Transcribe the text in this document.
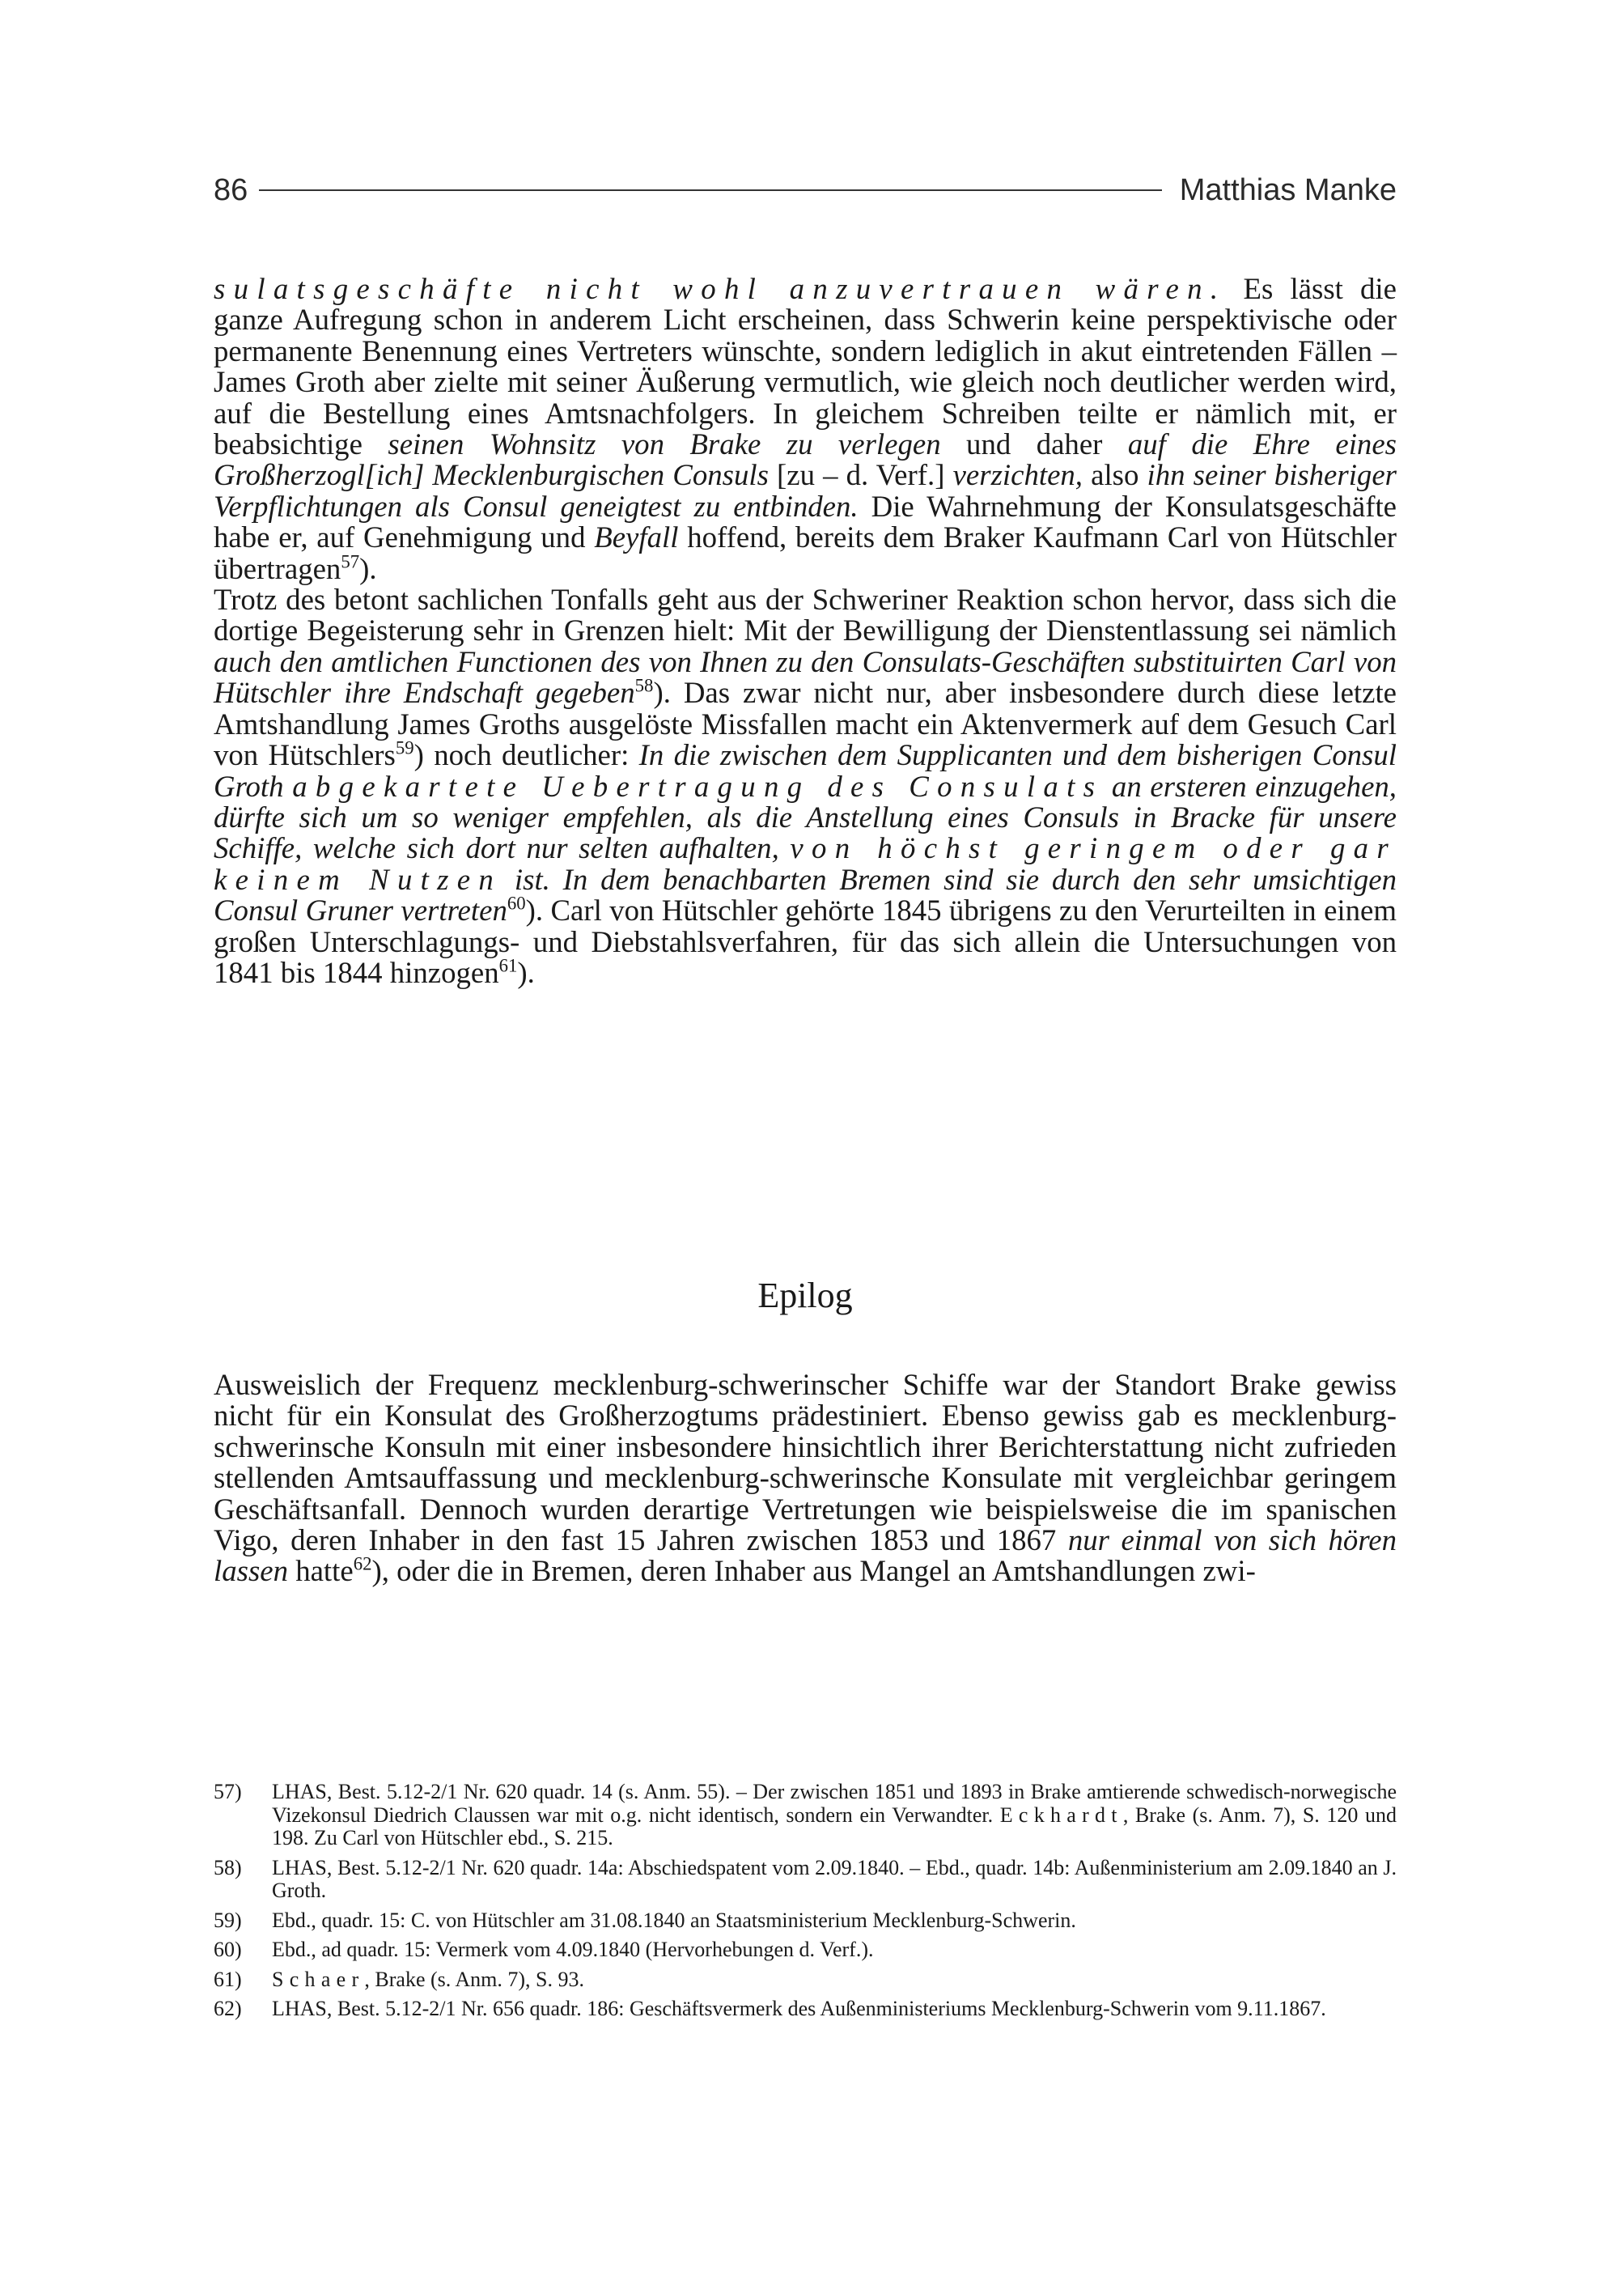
86	Matthias Manke

sulatsgeschäfte nicht wohl anzuvertrauen wären. Es lässt die ganze Aufregung schon in anderem Licht erscheinen, dass Schwerin keine perspektivische oder permanente Benennung eines Vertreters wünschte, sondern lediglich in akut eintretenden Fällen – James Groth aber zielte mit seiner Äußerung vermutlich, wie gleich noch deutlicher werden wird, auf die Bestellung eines Amtsnachfolgers. In gleichem Schreiben teilte er nämlich mit, er beabsichtige seinen Wohnsitz von Brake zu verlegen und daher auf die Ehre eines Großherzogl[ich] Mecklenburgischen Consuls [zu – d. Verf.] verzichten, also ihn seiner bisheriger Verpflichtungen als Consul geneigtest zu entbinden. Die Wahrnehmung der Konsulatsgeschäfte habe er, auf Genehmigung und Beyfall hoffend, bereits dem Braker Kaufmann Carl von Hütschler übertragen$^{57}$).

Trotz des betont sachlichen Tonfalls geht aus der Schweriner Reaktion schon hervor, dass sich die dortige Begeisterung sehr in Grenzen hielt: Mit der Bewilligung der Dienstentlassung sei nämlich auch den amtlichen Functionen des von Ihnen zu den Consulats-Geschäften substituirten Carl von Hütschler ihre Endschaft gegeben$^{58}$). Das zwar nicht nur, aber insbesondere durch diese letzte Amtshandlung James Groths ausgelöste Missfallen macht ein Aktenvermerk auf dem Gesuch Carl von Hütschlers$^{59}$) noch deutlicher: In die zwischen dem Supplicanten und dem bisherigen Consul Groth abgekartete Uebertragung des Consulats an ersteren einzugehen, dürfte sich um so weniger empfehlen, als die Anstellung eines Consuls in Bracke für unsere Schiffe, welche sich dort nur selten aufhalten, von höchst geringem oder gar keinem Nutzen ist. In dem benachbarten Bremen sind sie durch den sehr umsichtigen Consul Gruner vertreten$^{60}$). Carl von Hütschler gehörte 1845 übrigens zu den Verurteilten in einem großen Unterschlagungs- und Diebstahlsverfahren, für das sich allein die Untersuchungen von 1841 bis 1844 hinzogen$^{61}$).

Epilog

Ausweislich der Frequenz mecklenburg-schwerinscher Schiffe war der Standort Brake gewiss nicht für ein Konsulat des Großherzogtums prädestiniert. Ebenso gewiss gab es mecklenburg-schwerinsche Konsuln mit einer insbesondere hinsichtlich ihrer Berichterstattung nicht zufrieden stellenden Amtsauffassung und mecklenburg-schwerinsche Konsulate mit vergleichbar geringem Geschäftsanfall. Dennoch wurden derartige Vertretungen wie beispielsweise die im spanischen Vigo, deren Inhaber in den fast 15 Jahren zwischen 1853 und 1867 nur einmal von sich hören lassen hatte$^{62}$), oder die in Bremen, deren Inhaber aus Mangel an Amtshandlungen zwi-

57)	LHAS, Best. 5.12-2/1 Nr. 620 quadr. 14 (s. Anm. 55). – Der zwischen 1851 und 1893 in Brake amtierende schwedisch-norwegische Vizekonsul Diedrich Claussen war mit o.g. nicht identisch, sondern ein Verwandter. Eckhardt, Brake (s. Anm. 7), S. 120 und 198. Zu Carl von Hütschler ebd., S. 215.
58)	LHAS, Best. 5.12-2/1 Nr. 620 quadr. 14a: Abschiedspatent vom 2.09.1840. – Ebd., quadr. 14b: Außenministerium am 2.09.1840 an J. Groth.
59)	Ebd., quadr. 15: C. von Hütschler am 31.08.1840 an Staatsministerium Mecklenburg-Schwerin.
60)	Ebd., ad quadr. 15: Vermerk vom 4.09.1840 (Hervorhebungen d. Verf.).
61)	Schaer, Brake (s. Anm. 7), S. 93.
62)	LHAS, Best. 5.12-2/1 Nr. 656 quadr. 186: Geschäftsvermerk des Außenministeriums Mecklenburg-Schwerin vom 9.11.1867.
